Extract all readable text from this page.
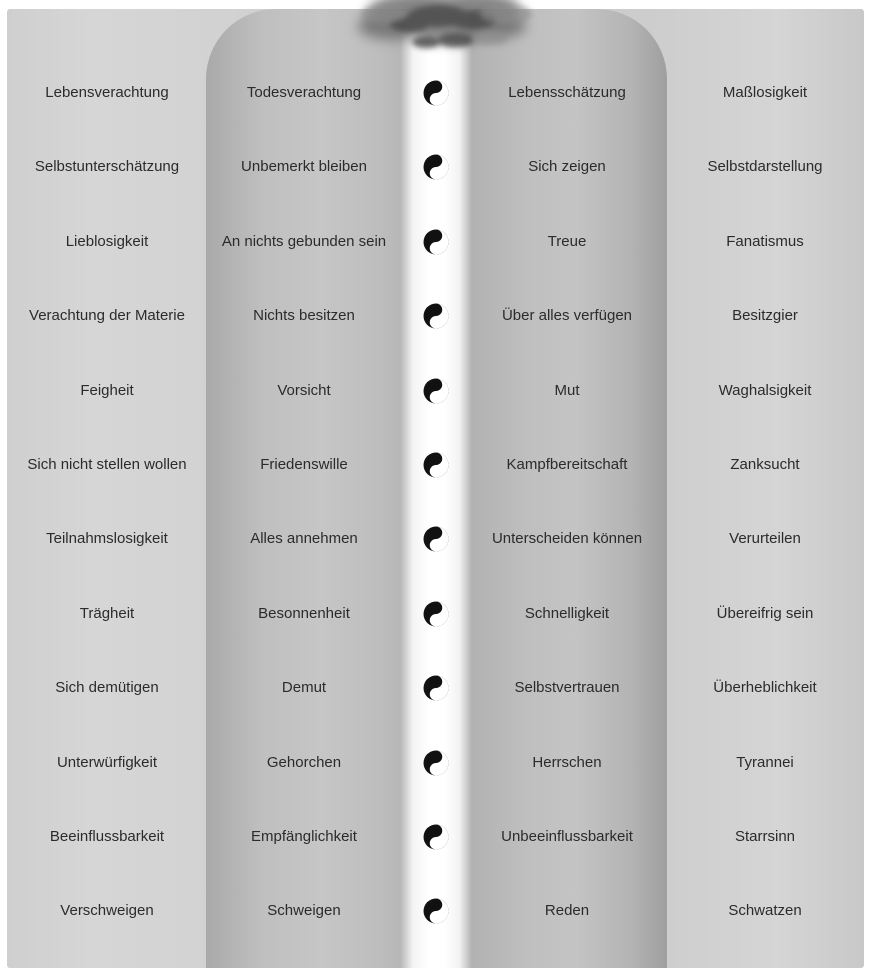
Lebensverachtung	Todesverachtung	Lebensschätzung	Maßlosigkeit
Selbstunterschätzung	Unbemerkt bleiben	Sich zeigen	Selbstdarstellung
Lieblosigkeit	An nichts gebunden sein	Treue	Fanatismus
Verachtung der Materie	Nichts besitzen	Über alles verfügen	Besitzgier
Feigheit	Vorsicht	Mut	Waghalsigkeit
Sich nicht stellen wollen	Friedenswille	Kampfbereitschaft	Zanksucht
Teilnahmslosigkeit	Alles annehmen	Unterscheiden können	Verurteilen
Trägheit	Besonnenheit	Schnelligkeit	Übereifrig sein
Sich demütigen	Demut	Selbstvertrauen	Überheblichkeit
Unterwürfigkeit	Gehorchen	Herrschen	Tyrannei
Beeinflussbarkeit	Empfänglichkeit	Unbeeinflussbarkeit	Starrsinn
Verschweigen	Schweigen	Reden	Schwatzen
